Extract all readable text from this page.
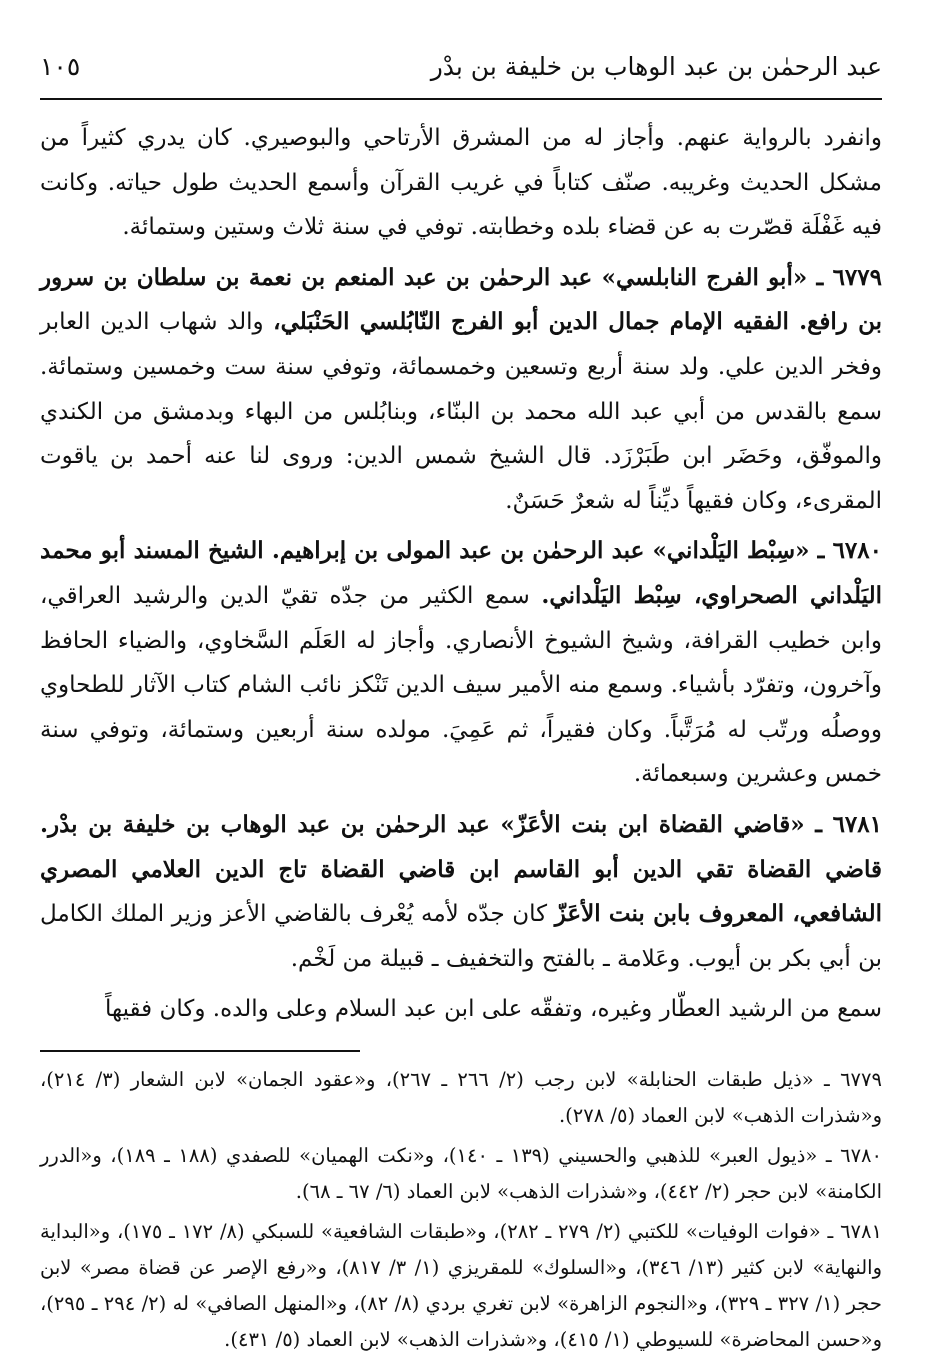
عبد الرحمٰن بن عبد الوهاب بن خليفة بن بدْر
١٠٥

وانفرد بالرواية عنهم. وأجاز له من المشرق الأرتاحي والبوصيري. كان يدري كثيراً من مشكل الحديث وغريبه. صنّف كتاباً في غريب القرآن وأسمع الحديث طول حياته. وكانت فيه غَفْلَة قصّرت به عن قضاء بلده وخطابته. توفي في سنة ثلاث وستين وستمائة.

٦٧٧٩ ـ «أبو الفرج النابلسي» عبد الرحمٰن بن عبد المنعم بن نعمة بن سلطان بن سرور بن رافع. الفقيه الإمام جمال الدين أبو الفرج النّابُلسي الحَنْبَلي، والد شهاب الدين العابر وفخر الدين علي. ولد سنة أربع وتسعين وخمسمائة، وتوفي سنة ست وخمسين وستمائة. سمع بالقدس من أبي عبد الله محمد بن البنّاء، وبنابُلس من البهاء وبدمشق من الكندي والموفّق، وحَضَر ابن طَبَرْزَد. قال الشيخ شمس الدين: وروى لنا عنه أحمد بن ياقوت المقرىء، وكان فقيهاً ديِّناً له شعرٌ حَسَنٌ.

٦٧٨٠ ـ «سِبْط اليَلْداني» عبد الرحمٰن بن عبد المولى بن إبراهيم. الشيخ المسند أبو محمد اليَلْداني الصحراوي، سِبْط اليَلْداني. سمع الكثير من جدّه تقيّ الدين والرشيد العراقي، وابن خطيب القرافة، وشيخ الشيوخ الأنصاري. وأجاز له العَلَم السَّخاوي، والضياء الحافظ وآخرون، وتفرّد بأشياء. وسمع منه الأمير سيف الدين تَنْكز نائب الشام كتاب الآثار للطحاوي ووصلُه ورتّب له مُرَتَّباً. وكان فقيراً، ثم عَمِيَ. مولده سنة أربعين وستمائة، وتوفي سنة خمس وعشرين وسبعمائة.

٦٧٨١ ـ «قاضي القضاة ابن بنت الأعَزّ» عبد الرحمٰن بن عبد الوهاب بن خليفة بن بدْر. قاضي القضاة تقي الدين أبو القاسم ابن قاضي القضاة تاج الدين العلامي المصري الشافعي، المعروف بابن بنت الأعَزّ كان جدّه لأمه يُعْرف بالقاضي الأعز وزير الملك الكامل بن أبي بكر بن أيوب. وعَلامة ـ بالفتح والتخفيف ـ قبيلة من لَخْم.

سمع من الرشيد العطّار وغيره، وتفقّه على ابن عبد السلام وعلى والده. وكان فقيهاً

٦٧٧٩ ـ «ذيل طبقات الحنابلة» لابن رجب (٢/ ٢٦٦ ـ ٢٦٧)، و«عقود الجمان» لابن الشعار (٣/ ٢١٤)، و«شذرات الذهب» لابن العماد (٥/ ٢٧٨).

٦٧٨٠ ـ «ذيول العبر» للذهبي والحسيني (١٣٩ ـ ١٤٠)، و«نكت الهميان» للصفدي (١٨٨ ـ ١٨٩)، و«الدرر الكامنة» لابن حجر (٢/ ٤٤٢)، و«شذرات الذهب» لابن العماد (٦/ ٦٧ ـ ٦٨).

٦٧٨١ ـ «فوات الوفيات» للكتبي (٢/ ٢٧٩ ـ ٢٨٢)، و«طبقات الشافعية» للسبكي (٨/ ١٧٢ ـ ١٧٥)، و«البداية والنهاية» لابن كثير (١٣/ ٣٤٦)، و«السلوك» للمقريزي (١/ ٣/ ٨١٧)، و«رفع الإصر عن قضاة مصر» لابن حجر (١/ ٣٢٧ ـ ٣٢٩)، و«النجوم الزاهرة» لابن تغري بردي (٨/ ٨٢)، و«المنهل الصافي» له (٢/ ٢٩٤ ـ ٢٩٥)، و«حسن المحاضرة» للسيوطي (١/ ٤١٥)، و«شذرات الذهب» لابن العماد (٥/ ٤٣١).
